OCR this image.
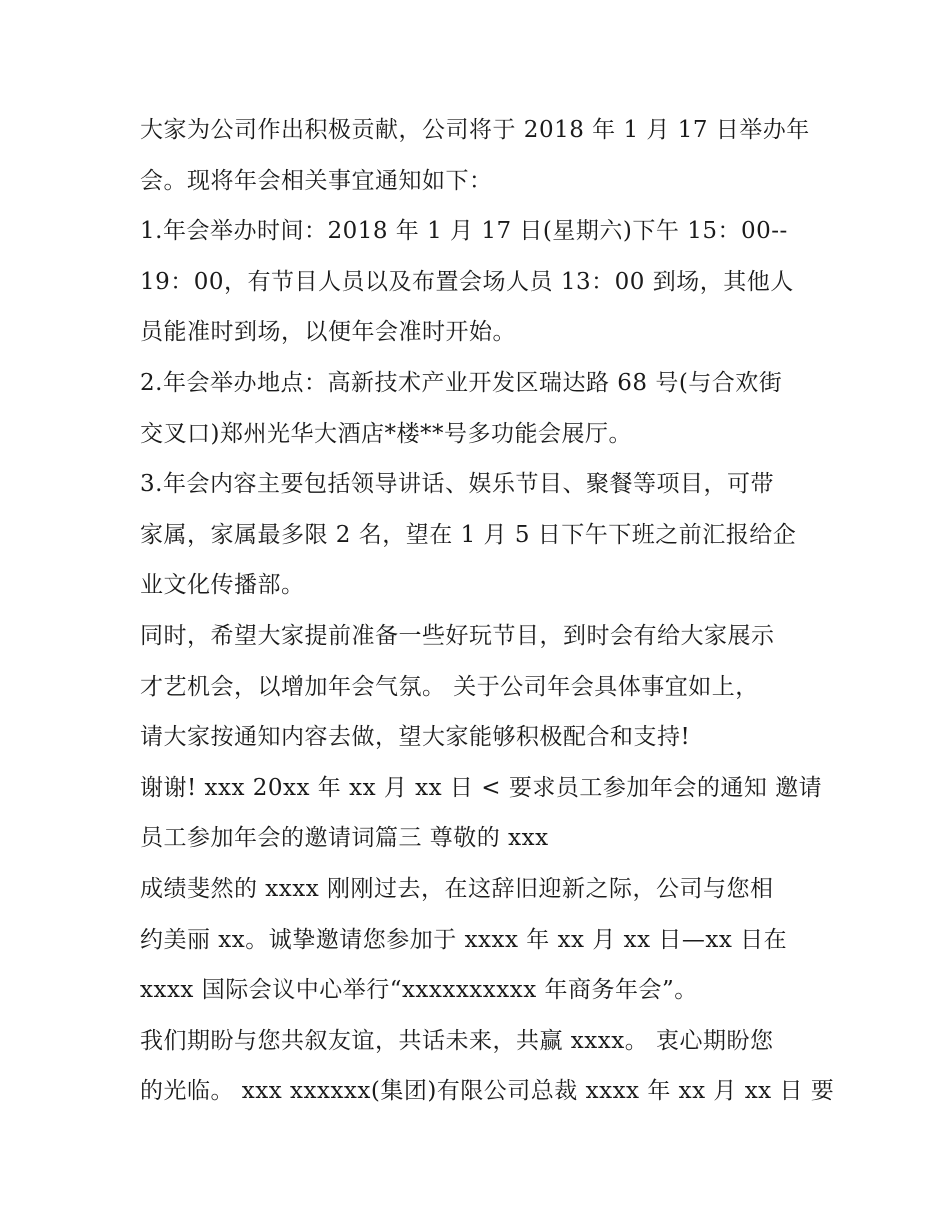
大家为公司作出积极贡献，公司将于 2018 年 1 月 17 日举办年
会。现将年会相关事宜通知如下：
1.年会举办时间：2018 年 1 月 17 日(星期六)下午 15：00--
19：00，有节目人员以及布置会场人员 13：00 到场，其他人
员能准时到场，以便年会准时开始。
2.年会举办地点：高新技术产业开发区瑞达路 68 号(与合欢街
交叉口)郑州光华大酒店*楼**号多功能会展厅。
3.年会内容主要包括领导讲话、娱乐节目、聚餐等项目，可带
家属，家属最多限 2 名，望在 1 月 5 日下午下班之前汇报给企
业文化传播部。
同时，希望大家提前准备一些好玩节目，到时会有给大家展示
才艺机会，以增加年会气氛。 关于公司年会具体事宜如上，
请大家按通知内容去做，望大家能够积极配合和支持!
谢谢! xxx 20xx 年 xx 月 xx 日 < 要求员工参加年会的通知 邀请
员工参加年会的邀请词篇三 尊敬的 xxx
成绩斐然的 xxxx 刚刚过去，在这辞旧迎新之际，公司与您相
约美丽 xx。诚挚邀请您参加于 xxxx 年 xx 月 xx 日—xx 日在
xxxx 国际会议中心举行“xxxxxxxxxx 年商务年会”。
我们期盼与您共叙友谊，共话未来，共赢 xxxx。 衷心期盼您
的光临。 xxx xxxxxx(集团)有限公司总裁 xxxx 年 xx 月 xx 日 要
